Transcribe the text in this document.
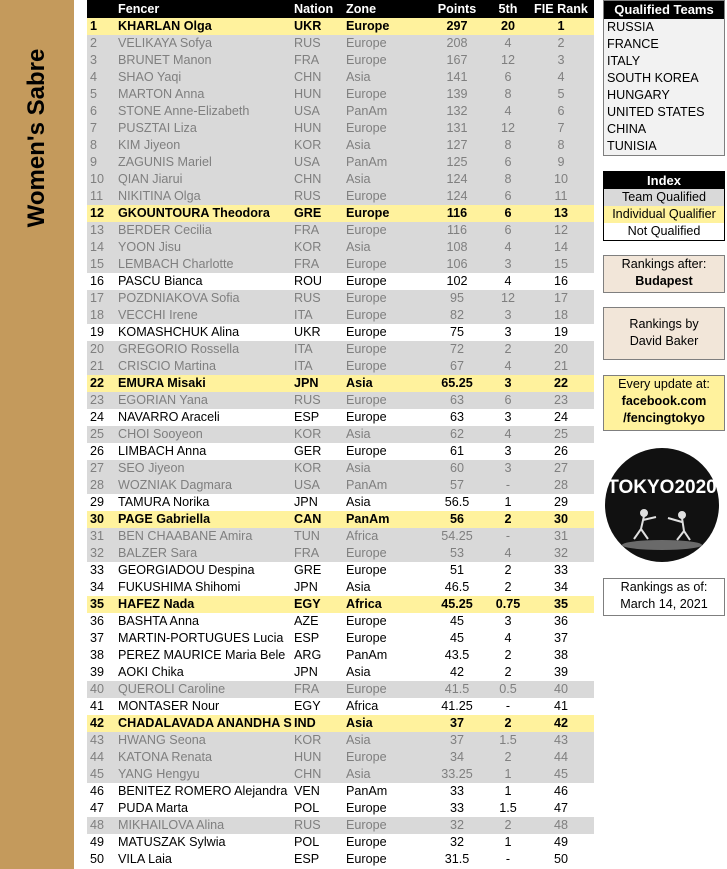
Women's Sabre
	Fencer	Nation	Zone	Points	5th	FIE Rank
1	KHARLAN Olga	UKR	Europe	297	20	1
2	VELIKAYA Sofya	RUS	Europe	208	4	2
3	BRUNET Manon	FRA	Europe	167	12	3
4	SHAO Yaqi	CHN	Asia	141	6	4
5	MARTON Anna	HUN	Europe	139	8	5
6	STONE Anne-Elizabeth	USA	PanAm	132	4	6
7	PUSZTAI Liza	HUN	Europe	131	12	7
8	KIM Jiyeon	KOR	Asia	127	8	8
9	ZAGUNIS Mariel	USA	PanAm	125	6	9
10	QIAN Jiarui	CHN	Asia	124	8	10
11	NIKITINA Olga	RUS	Europe	124	6	11
12	GKOUNTOURA Theodora	GRE	Europe	116	6	13
13	BERDER Cecilia	FRA	Europe	116	6	12
14	YOON Jisu	KOR	Asia	108	4	14
15	LEMBACH Charlotte	FRA	Europe	106	3	15
16	PASCU Bianca	ROU	Europe	102	4	16
17	POZDNIAKOVA Sofia	RUS	Europe	95	12	17
18	VECCHI Irene	ITA	Europe	82	3	18
19	KOMASHCHUK Alina	UKR	Europe	75	3	19
20	GREGORIO Rossella	ITA	Europe	72	2	20
21	CRISCIO Martina	ITA	Europe	67	4	21
22	EMURA Misaki	JPN	Asia	65.25	3	22
23	EGORIAN Yana	RUS	Europe	63	6	23
24	NAVARRO Araceli	ESP	Europe	63	3	24
25	CHOI Sooyeon	KOR	Asia	62	4	25
26	LIMBACH Anna	GER	Europe	61	3	26
27	SEO Jiyeon	KOR	Asia	60	3	27
28	WOZNIAK Dagmara	USA	PanAm	57	-	28
29	TAMURA Norika	JPN	Asia	56.5	1	29
30	PAGE Gabriella	CAN	PanAm	56	2	30
31	BEN CHAABANE Amira	TUN	Africa	54.25	-	31
32	BALZER Sara	FRA	Europe	53	4	32
33	GEORGIADOU Despina	GRE	Europe	51	2	33
34	FUKUSHIMA Shihomi	JPN	Asia	46.5	2	34
35	HAFEZ Nada	EGY	Africa	45.25	0.75	35
36	BASHTA Anna	AZE	Europe	45	3	36
37	MARTIN-PORTUGUES Lucia	ESP	Europe	45	4	37
38	PEREZ MAURICE Maria Bele	ARG	PanAm	43.5	2	38
39	AOKI Chika	JPN	Asia	42	2	39
40	QUEROLI Caroline	FRA	Europe	41.5	0.5	40
41	MONTASER Nour	EGY	Africa	41.25	-	41
42	CHADALAVADA ANANDHA S	IND	Asia	37	2	42
43	HWANG Seona	KOR	Asia	37	1.5	43
44	KATONA Renata	HUN	Europe	34	2	44
45	YANG Hengyu	CHN	Asia	33.25	1	45
46	BENITEZ ROMERO Alejandra	VEN	PanAm	33	1	46
47	PUDA Marta	POL	Europe	33	1.5	47
48	MIKHAILOVA Alina	RUS	Europe	32	2	48
49	MATUSZAK Sylwia	POL	Europe	32	1	49
50	VILA Laia	ESP	Europe	31.5	-	50
Qualified Teams
RUSSIA
FRANCE
ITALY
SOUTH KOREA
HUNGARY
UNITED STATES
CHINA
TUNISIA
Index
Team Qualified
Individual Qualifier
Not Qualified
Rankings after:
Budapest
Rankings by
David Baker
Every update at:
facebook.com
/fencingtokyo
TOKYO2020
Rankings as of:
March 14, 2021
